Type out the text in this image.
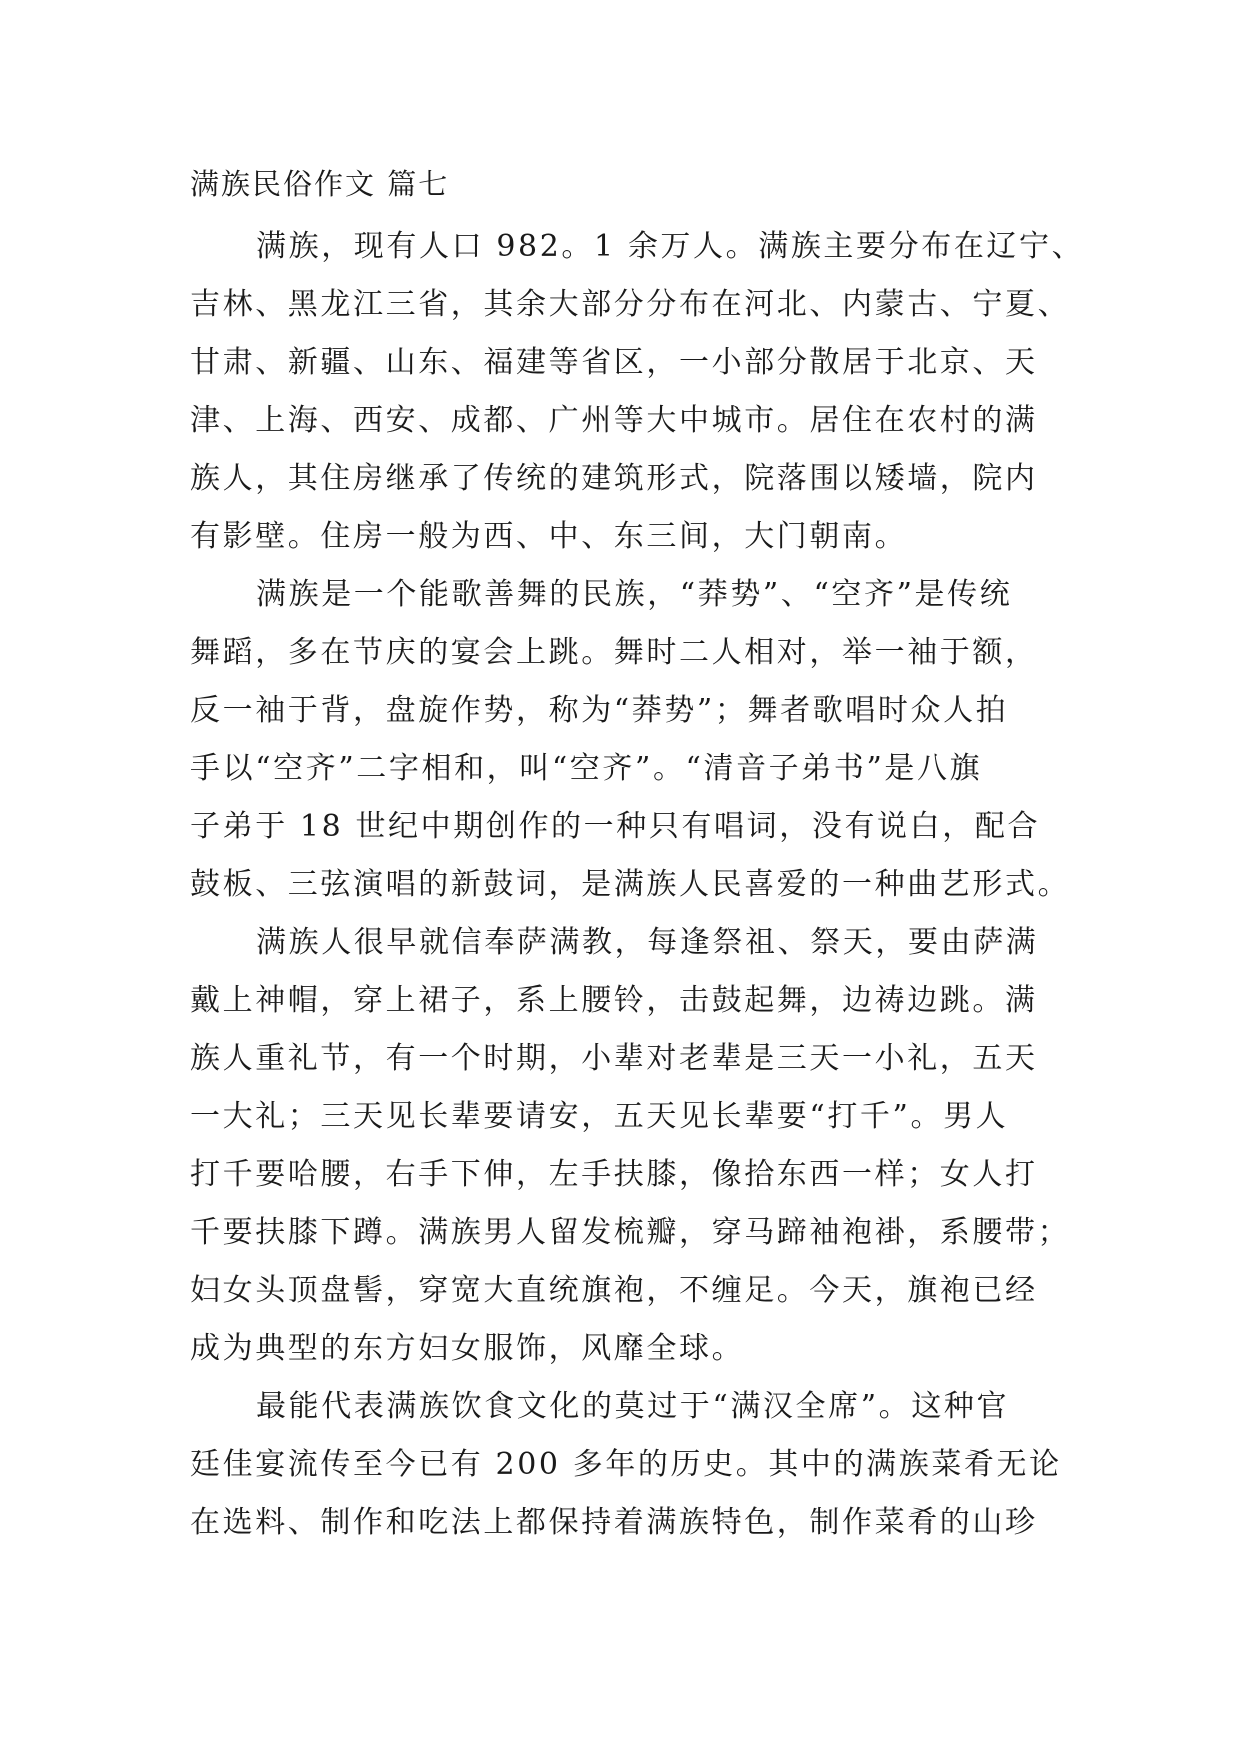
满族民俗作文 篇七
满族，现有人口 982。1 余万人。满族主要分布在辽宁、
吉林、黑龙江三省，其余大部分分布在河北、内蒙古、宁夏、
甘肃、新疆、山东、福建等省区，一小部分散居于北京、天
津、上海、西安、成都、广州等大中城市。居住在农村的满
族人，其住房继承了传统的建筑形式，院落围以矮墙，院内
有影壁。住房一般为西、中、东三间，大门朝南。
满族是一个能歌善舞的民族，“莽势”、“空齐”是传统
舞蹈，多在节庆的宴会上跳。舞时二人相对，举一袖于额，
反一袖于背，盘旋作势，称为“莽势”；舞者歌唱时众人拍
手以“空齐”二字相和，叫“空齐”。“清音子弟书”是八旗
子弟于 18 世纪中期创作的一种只有唱词，没有说白，配合
鼓板、三弦演唱的新鼓词，是满族人民喜爱的一种曲艺形式。
满族人很早就信奉萨满教，每逢祭祖、祭天，要由萨满
戴上神帽，穿上裙子，系上腰铃，击鼓起舞，边祷边跳。满
族人重礼节，有一个时期，小辈对老辈是三天一小礼，五天
一大礼；三天见长辈要请安，五天见长辈要“打千”。男人
打千要哈腰，右手下伸，左手扶膝，像拾东西一样；女人打
千要扶膝下蹲。满族男人留发梳瓣，穿马蹄袖袍褂，系腰带；
妇女头顶盘髻，穿宽大直统旗袍，不缠足。今天，旗袍已经
成为典型的东方妇女服饰，风靡全球。
最能代表满族饮食文化的莫过于“满汉全席”。这种官
廷佳宴流传至今已有 200 多年的历史。其中的满族菜肴无论
在选料、制作和吃法上都保持着满族特色，制作菜肴的山珍
